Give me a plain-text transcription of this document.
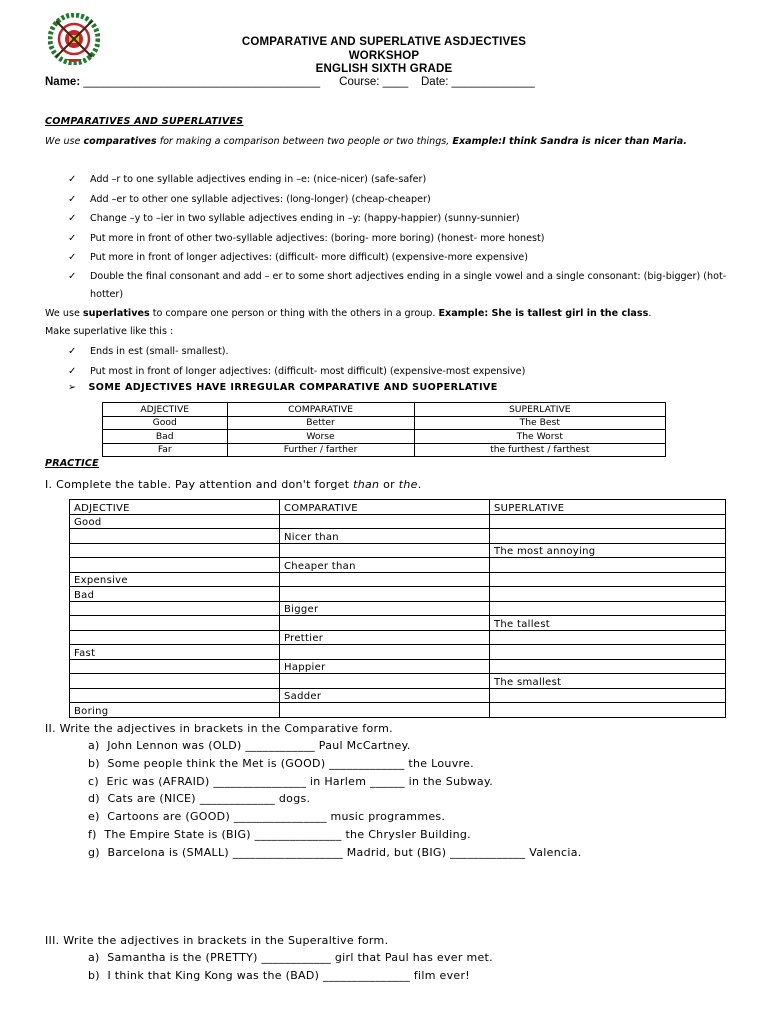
COMPARATIVE AND SUPERLATIVE ASDJECTIVES
WORKSHOP
ENGLISH SIXTH GRADE
Name: _____________________________________ Course: ____ Date: _____________
COMPARATIVES AND SUPERLATIVES
We use comparatives for making a comparison between two people or two things, Example:I think Sandra is nicer than Maria.
✓ Add –r to one syllable adjectives ending in –e: (nice-nicer) (safe-safer)
✓ Add –er to other one syllable adjectives: (long-longer) (cheap-cheaper)
✓ Change –y to –ier in two syllable adjectives ending in –y: (happy-happier) (sunny-sunnier)
✓ Put more in front of other two-syllable adjectives: (boring- more boring) (honest- more honest)
✓ Put more in front of longer adjectives: (difficult- more difficult) (expensive-more expensive)
✓ Double the final consonant and add – er to some short adjectives ending in a single vowel and a single consonant: (big-bigger) (hot- hotter)
We use superlatives to compare one person or thing with the others in a group. Example: She is tallest girl in the class.
Make superlative like this :
✓ Ends in est (small- smallest).
✓ Put most in front of longer adjectives: (difficult- most difficult) (expensive-most expensive)
➢ SOME ADJECTIVES HAVE IRREGULAR COMPARATIVE AND SUOPERLATIVE
ADJECTIVE	COMPARATIVE	SUPERLATIVE
Good	Better	The Best
Bad	Worse	The Worst
Far	Further / farther	the furthest / farthest
PRACTICE
I. Complete the table. Pay attention and don't forget than or the.
ADJECTIVE	COMPARATIVE	SUPERLATIVE
Good		
	Nicer than	
		The most annoying
	Cheaper than	
Expensive		
Bad		
	Bigger	
		The tallest
	Prettier	
Fast		
	Happier	
		The smallest
	Sadder	
Boring		
II. Write the adjectives in brackets in the Comparative form.
a)  John Lennon was (OLD) ____________ Paul McCartney.
b)  Some people think the Met is (GOOD) _____________ the Louvre.
c)  Eric was (AFRAID) ________________ in Harlem ______ in the Subway.
d)  Cats are (NICE) _____________ dogs.
e)  Cartoons are (GOOD) ________________ music programmes.
f)  The Empire State is (BIG) _______________ the Chrysler Building.
g)  Barcelona is (SMALL) ___________________ Madrid, but (BIG) _____________ Valencia.
III. Write the adjectives in brackets in the Superaltive form.
a)  Samantha is the (PRETTY) ____________ girl that Paul has ever met.
b)  I think that King Kong was the (BAD) _______________ film ever!
